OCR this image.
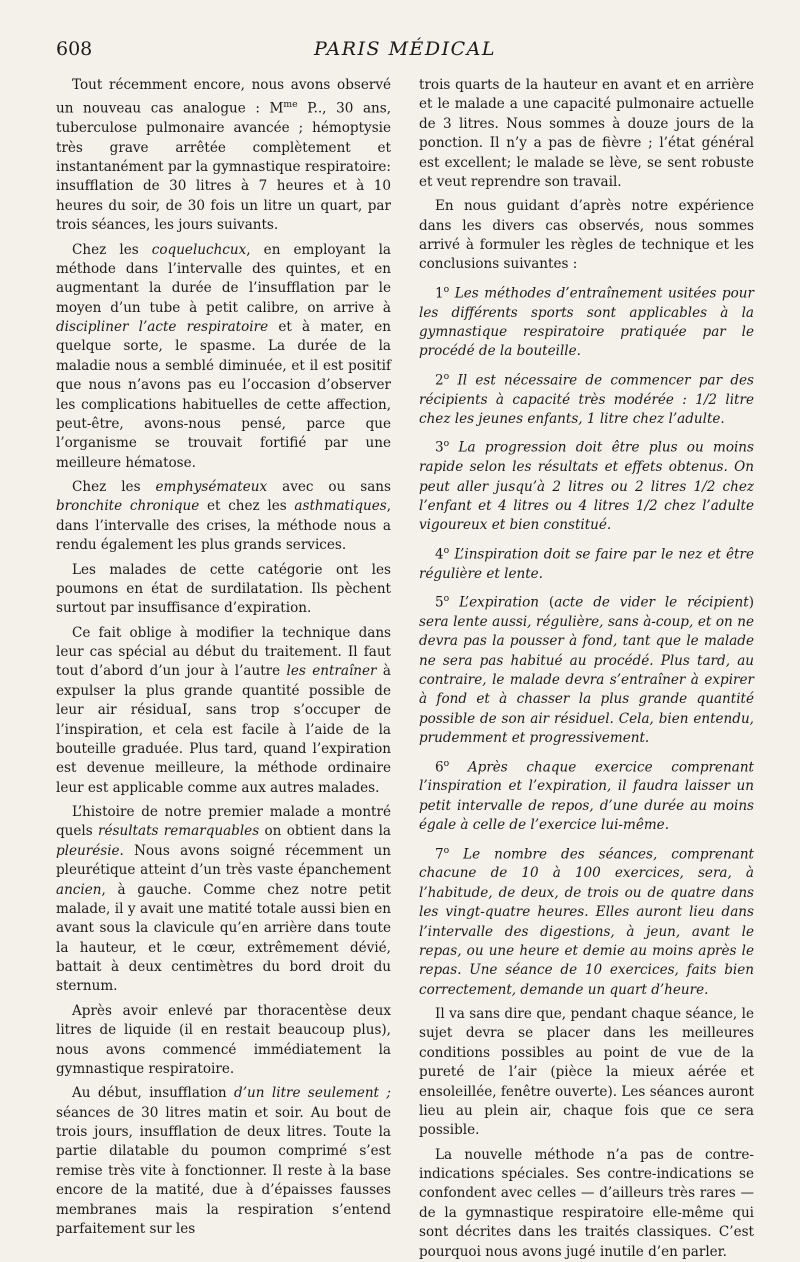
608	PARIS MÉDICAL

Tout récemment encore, nous avons observé un nouveau cas analogue : $M^{me}$ P.., 30 ans, tuberculose pulmonaire avancée ; hémoptysie très grave arrêtée complètement et instantanément par la gymnastique respiratoire: insufflation de 30 litres à 7 heures et à 10 heures du soir, de 30 fois un litre un quart, par trois séances, les jours suivants.

Chez les coqueluchcux, en employant la méthode dans l’intervalle des quintes, et en augmentant la durée de l’insufflation par le moyen d’un tube à petit calibre, on arrive à discipliner l’acte respiratoire et à mater, en quelque sorte, le spasme. La durée de la maladie nous a semblé diminuée, et il est positif que nous n’avons pas eu l’occasion d’observer les complications habituelles de cette affection, peut-être, avons-nous pensé, parce que l’organisme se trouvait fortifié par une meilleure hématose.

Chez les emphysémateux avec ou sans bronchite chronique et chez les asthmatiques, dans l’intervalle des crises, la méthode nous a rendu également les plus grands services.

Les malades de cette catégorie ont les poumons en état de surdilatation. Ils pèchent surtout par insuffisance d’expiration.

Ce fait oblige à modifier la technique dans leur cas spécial au début du traitement. Il faut tout d’abord d’un jour à l’autre les entraîner à expulser la plus grande quantité possible de leur air résiduaI, sans trop s’occuper de l’inspiration, et cela est facile à l’aide de la bouteille graduée. Plus tard, quand l’expiration est devenue meilleure, la méthode ordinaire leur est applicable comme aux autres malades.

L’histoire de notre premier malade a montré quels résultats remarquables on obtient dans la pleurésie. Nous avons soigné récemment un pleurétique atteint d’un très vaste épanchement ancien, à gauche. Comme chez notre petit malade, il y avait une matité totale aussi bien en avant sous la clavicule qu’en arrière dans toute la hauteur, et le cœur, extrêmement dévié, battait à deux centimètres du bord droit du sternum.

Après avoir enlevé par thoracentèse deux litres de liquide (il en restait beaucoup plus), nous avons commencé immédiatement la gymnastique respiratoire.

Au début, insufflation d’un litre seulement ; séances de 30 litres matin et soir. Au bout de trois jours, insufflation de deux litres. Toute la partie dilatable du poumon comprimé s’est remise très vite à fonctionner. Il reste à la base encore de la matité, due à d’épaisses fausses membranes mais la respiration s’entend parfaitement sur les

trois quarts de la hauteur en avant et en arrière et le malade a une capacité pulmonaire actuelle de 3 litres. Nous sommes à douze jours de la ponction. Il n’y a pas de fièvre ; l’état général est excellent; le malade se lève, se sent robuste et veut reprendre son travail.

En nous guidant d’après notre expérience dans les divers cas observés, nous sommes arrivé à formuler les règles de technique et les conclusions suivantes :

1$^o$ Les méthodes d’entraînement usitées pour les différents sports sont applicables à la gymnastique respiratoire pratiquée par le procédé de la bouteille.

2$^o$ Il est nécessaire de commencer par des récipients à capacité très modérée : 1/2 litre chez les jeunes enfants, 1 litre chez l’adulte.

3$^o$ La progression doit être plus ou moins rapide selon les résultats et effets obtenus. On peut aller jusqu’à 2 litres ou 2 litres 1/2 chez l’enfant et 4 litres ou 4 litres 1/2 chez l’adulte vigoureux et bien constitué.

4$^o$ L’inspiration doit se faire par le nez et être régulière et lente.

5$^o$ L’expiration (acte de vider le récipient) sera lente aussi, régulière, sans à-coup, et on ne devra pas la pousser à fond, tant que le malade ne sera pas habitué au procédé. Plus tard, au contraire, le malade devra s’entraîner à expirer à fond et à chasser la plus grande quantité possible de son air résiduel. Cela, bien entendu, prudemment et progressivement.

6$^o$ Après chaque exercice comprenant l’inspiration et l’expiration, il faudra laisser un petit intervalle de repos, d’une durée au moins égale à celle de l’exercice lui-même.

7$^o$ Le nombre des séances, comprenant chacune de 10 à 100 exercices, sera, à l’habitude, de deux, de trois ou de quatre dans les vingt-quatre heures. Elles auront lieu dans l’intervalle des digestions, à jeun, avant le repas, ou une heure et demie au moins après le repas. Une séance de 10 exercices, faits bien correctement, demande un quart d’heure.

Il va sans dire que, pendant chaque séance, le sujet devra se placer dans les meilleures conditions possibles au point de vue de la pureté de l’air (pièce la mieux aérée et ensoleillée, fenêtre ouverte). Les séances auront lieu au plein air, chaque fois que ce sera possible.

La nouvelle méthode n’a pas de contre-indications spéciales. Ses contre-indications se confondent avec celles — d’ailleurs très rares — de la gymnastique respiratoire elle-même qui sont décrites dans les traités classiques. C’est pourquoi nous avons jugé inutile d’en parler.
